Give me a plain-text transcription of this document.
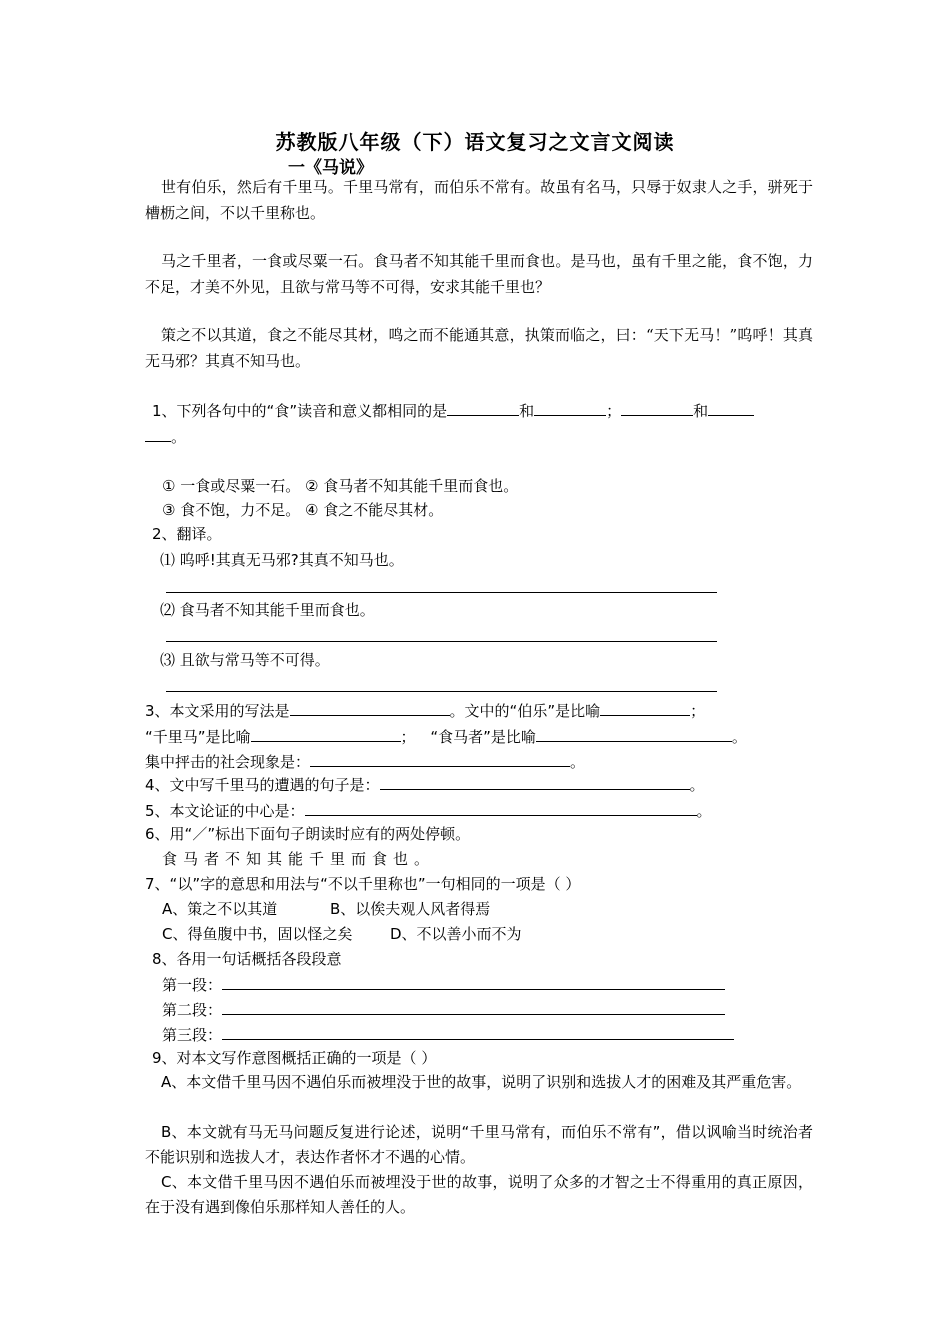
苏教版八年级（下）语文复习之文言文阅读
一《马说》
世有伯乐，然后有千里马。千里马常有，而伯乐不常有。故虽有名马，只辱于奴隶人之手，骈死于槽枥之间，不以千里称也。
马之千里者，一食或尽粟一石。食马者不知其能千里而食也。是马也，虽有千里之能，食不饱，力不足，才美不外见，且欲与常马等不可得，安求其能千里也？
策之不以其道，食之不能尽其材，鸣之而不能通其意，执策而临之，曰：“天下无马！”呜呼！其真无马邪？其真不知马也。
1、下列各句中的“食”读音和意义都相同的是	和	；	和
。
① 一食或尽粟一石。 ② 食马者不知其能千里而食也。
③ 食不饱，力不足。 ④ 食之不能尽其材。
2、翻译。
⑴ 呜呼!其真无马邪?其真不知马也。
⑵ 食马者不知其能千里而食也。
⑶ 且欲与常马等不可得。
3、本文采用的写法是	。文中的“伯乐”是比喻	；
“千里马”是比喻	； “食马者”是比喻	。
集中抨击的社会现象是：	。
4、文中写千里马的遭遇的句子是：	。
5、本文论证的中心是：	。
6、用“／”标出下面句子朗读时应有的两处停顿。
食马者不知其能千里而食也。
7、“以”字的意思和用法与“不以千里称也”一句相同的一项是（ ）
A、策之不以其道	B、以俟夫观人风者得焉
C、得鱼腹中书，固以怪之矣	D、不以善小而不为
8、各用一句话概括各段段意
第一段：
第二段：
第三段：
9、对本文写作意图概括正确的一项是（ ）
A、本文借千里马因不遇伯乐而被埋没于世的故事，说明了识别和选拔人才的困难及其严重危害。
B、本文就有马无马问题反复进行论述，说明“千里马常有，而伯乐不常有”，借以讽喻当时统治者不能识别和选拔人才，表达作者怀才不遇的心情。
C、本文借千里马因不遇伯乐而被埋没于世的故事，说明了众多的才智之士不得重用的真正原因，在于没有遇到像伯乐那样知人善任的人。
